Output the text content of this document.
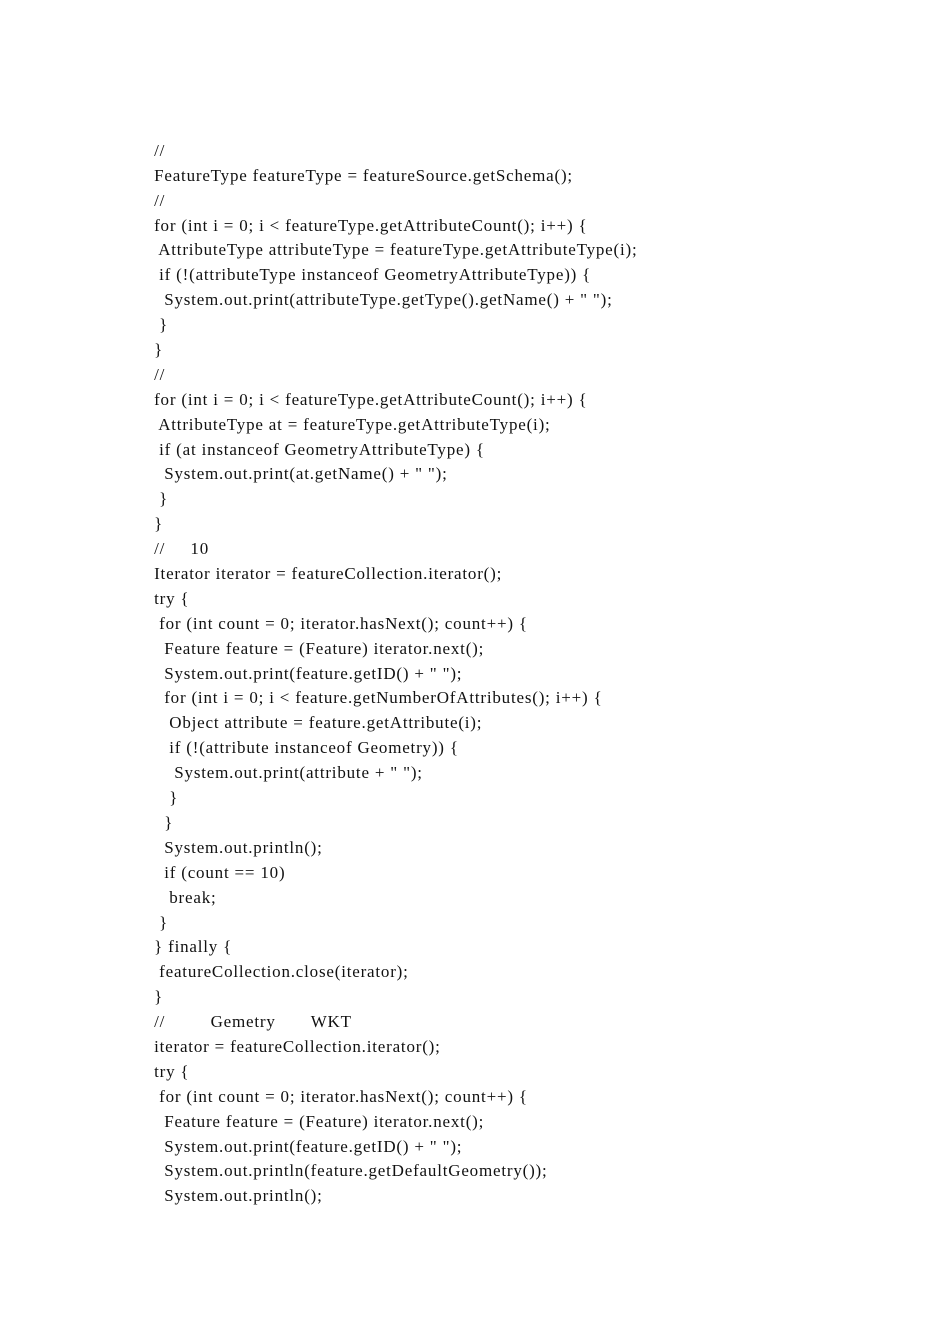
//
FeatureType featureType = featureSource.getSchema();
//
for (int i = 0; i < featureType.getAttributeCount(); i++) {
AttributeType attributeType = featureType.getAttributeType(i);
if (!(attributeType instanceof GeometryAttributeType)) {
System.out.print(attributeType.getType().getName() + " ");
}
}
//
for (int i = 0; i < featureType.getAttributeCount(); i++) {
AttributeType at = featureType.getAttributeType(i);
if (at instanceof GeometryAttributeType) {
System.out.print(at.getName() + " ");
}
}
//     10
Iterator iterator = featureCollection.iterator();
try {
for (int count = 0; iterator.hasNext(); count++) {
Feature feature = (Feature) iterator.next();
System.out.print(feature.getID() + " ");
for (int i = 0; i < feature.getNumberOfAttributes(); i++) {
Object attribute = feature.getAttribute(i);
if (!(attribute instanceof Geometry)) {
System.out.print(attribute + " ");
}
}
System.out.println();
if (count == 10)
break;
}
} finally {
featureCollection.close(iterator);
}
//         Gemetry       WKT
iterator = featureCollection.iterator();
try {
for (int count = 0; iterator.hasNext(); count++) {
Feature feature = (Feature) iterator.next();
System.out.print(feature.getID() + " ");
System.out.println(feature.getDefaultGeometry());
System.out.println();
